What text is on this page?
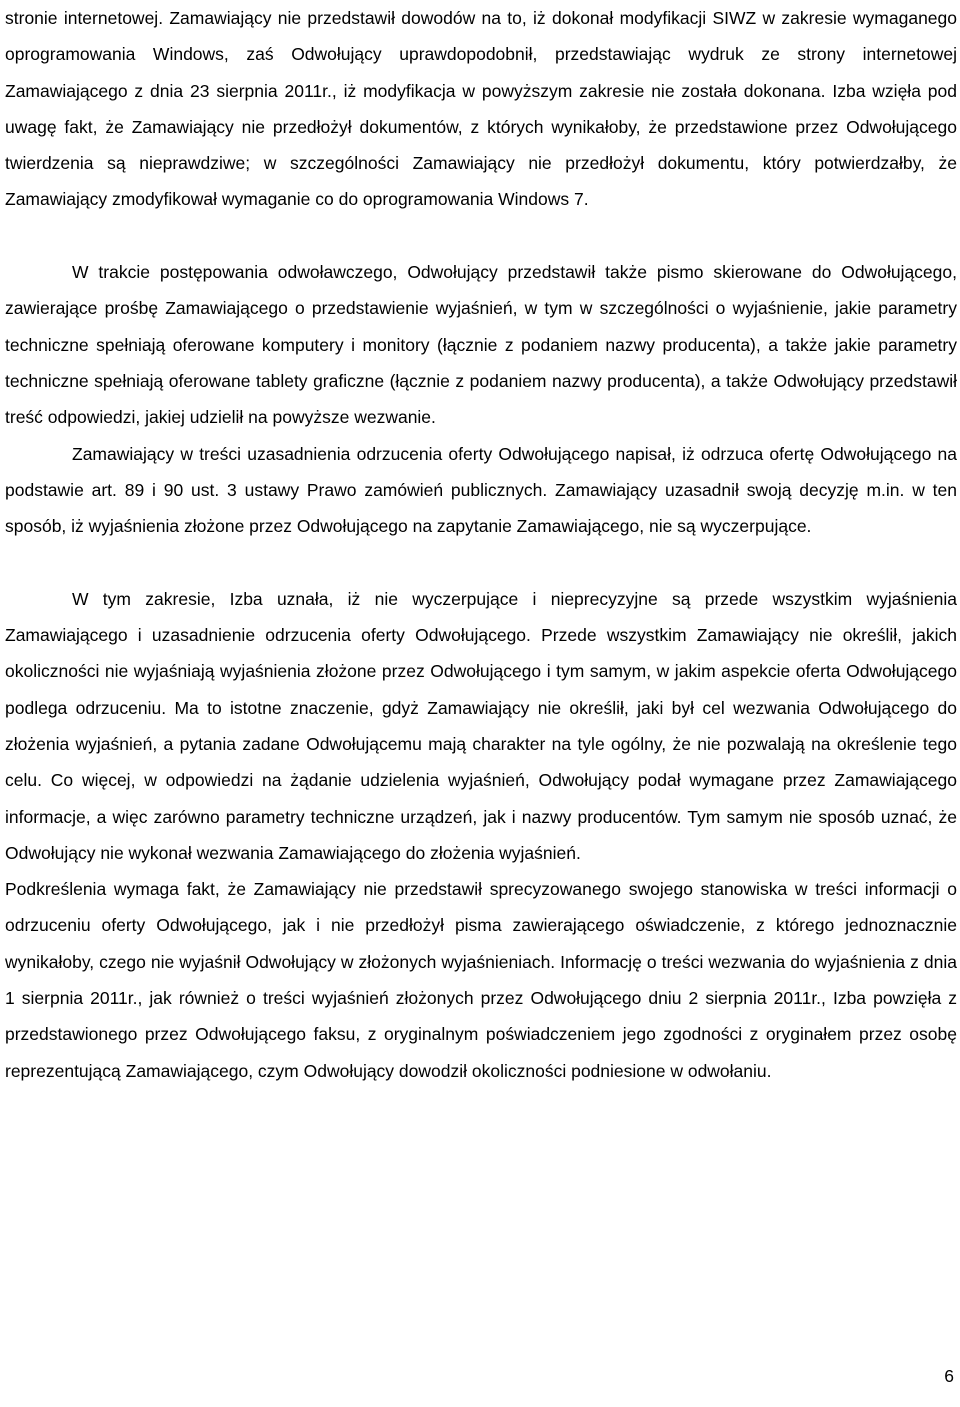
stronie internetowej. Zamawiający nie przedstawił dowodów na to, iż dokonał modyfikacji SIWZ w zakresie wymaganego oprogramowania Windows, zaś Odwołujący uprawdopodobnił, przedstawiając wydruk ze strony internetowej Zamawiającego z dnia 23 sierpnia 2011r., iż modyfikacja w powyższym zakresie nie została dokonana. Izba wzięła pod uwagę fakt, że Zamawiający nie przedłożył dokumentów, z których wynikałoby, że przedstawione przez Odwołującego twierdzenia są nieprawdziwe; w szczególności Zamawiający nie przedłożył dokumentu, który potwierdzałby, że Zamawiający zmodyfikował wymaganie co do oprogramowania Windows 7.

W trakcie postępowania odwoławczego, Odwołujący przedstawił także pismo skierowane do Odwołującego, zawierające prośbę Zamawiającego o przedstawienie wyjaśnień, w tym w szczególności o wyjaśnienie, jakie parametry techniczne spełniają oferowane komputery i monitory (łącznie z podaniem nazwy producenta), a także jakie parametry techniczne spełniają oferowane tablety graficzne (łącznie z podaniem nazwy producenta), a także Odwołujący przedstawił treść odpowiedzi, jakiej udzielił na powyższe wezwanie.

Zamawiający w treści uzasadnienia odrzucenia oferty Odwołującego napisał, iż odrzuca ofertę Odwołującego na podstawie art. 89 i 90 ust. 3 ustawy Prawo zamówień publicznych. Zamawiający uzasadnił swoją decyzję m.in. w ten sposób, iż wyjaśnienia złożone przez Odwołującego na zapytanie Zamawiającego, nie są wyczerpujące.

W tym zakresie, Izba uznała, iż nie wyczerpujące i nieprecyzyjne są przede wszystkim wyjaśnienia Zamawiającego i uzasadnienie odrzucenia oferty Odwołującego. Przede wszystkim Zamawiający nie określił, jakich okoliczności nie wyjaśniają wyjaśnienia złożone przez Odwołującego i tym samym, w jakim aspekcie oferta Odwołującego podlega odrzuceniu. Ma to istotne znaczenie, gdyż Zamawiający nie określił, jaki był cel wezwania Odwołującego do złożenia wyjaśnień, a pytania zadane Odwołującemu mają charakter na tyle ogólny, że nie pozwalają na określenie tego celu. Co więcej, w odpowiedzi na żądanie udzielenia wyjaśnień, Odwołujący podał wymagane przez Zamawiającego informacje, a więc zarówno parametry techniczne urządzeń, jak i nazwy producentów. Tym samym nie sposób uznać, że Odwołujący nie wykonał wezwania Zamawiającego do złożenia wyjaśnień.

Podkreślenia wymaga fakt, że Zamawiający nie przedstawił sprecyzowanego swojego stanowiska w treści informacji o odrzuceniu oferty Odwołującego, jak i nie przedłożył pisma zawierającego oświadczenie, z którego jednoznacznie wynikałoby, czego nie wyjaśnił Odwołujący w złożonych wyjaśnieniach. Informację o treści wezwania do wyjaśnienia z dnia 1 sierpnia 2011r., jak również o treści wyjaśnień złożonych przez Odwołującego dniu 2 sierpnia 2011r., Izba powzięła z przedstawionego przez Odwołującego faksu, z oryginalnym poświadczeniem jego zgodności z oryginałem przez osobę reprezentującą Zamawiającego, czym Odwołujący dowodził okoliczności podniesione w odwołaniu.

6
